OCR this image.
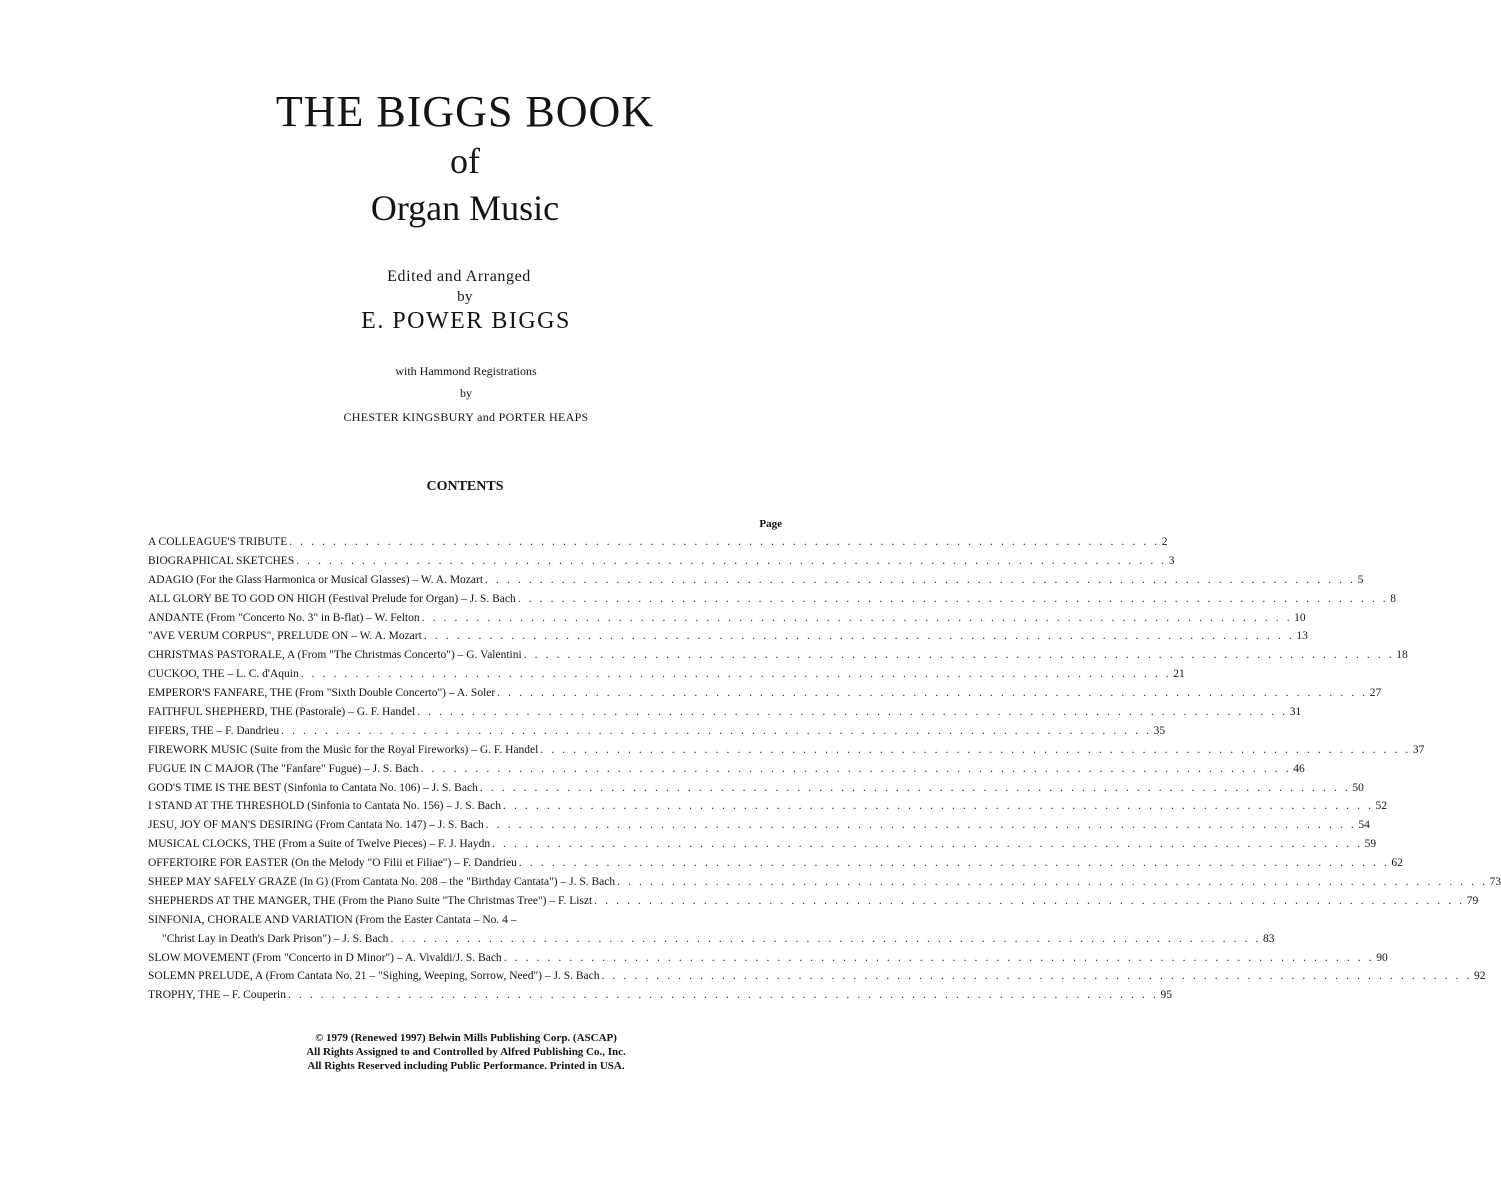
THE BIGGS BOOK
of
Organ Music
Edited and Arranged
by
E. POWER BIGGS
with Hammond Registrations
by
CHESTER KINGSBURY and PORTER HEAPS
CONTENTS
Page
A COLLEAGUE'S TRIBUTE . . . . . . . . . . . . . . . . . . . . . . . . . . . . . . . . . . . . . . . . . . . . . . . . . . . . . . . . . . . . . . . . . . . . . . . . . . . . . . . . 2
BIOGRAPHICAL SKETCHES . . . . . . . . . . . . . . . . . . . . . . . . . . . . . . . . . . . . . . . . . . . . . . . . . . . . . . . . . . . . . . . . . . . . . . . . . . . . . . . . 3
ADAGIO (For the Glass Harmonica or Musical Glasses) – W. A. Mozart . . . . . . . . . . . . . . . . . . . . . . . . . . . . . . . . . . . . . . . . . . . . . . . . . . . . . . . . . . . . . . . . . . . . . . . . . . . . . . . . 5
ALL GLORY BE TO GOD ON HIGH (Festival Prelude for Organ) – J. S. Bach . . . . . . . . . . . . . . . . . . . . . . . . . . . . . . . . . . . . . . . . . . . . . . . . . . . . . . . . . . . . . . . . . . . . . . . . . . . . . . . . 8
ANDANTE (From "Concerto No. 3" in B-flat) – W. Felton . . . . . . . . . . . . . . . . . . . . . . . . . . . . . . . . . . . . . . . . . . . . . . . . . . . . . . . . . . . . . . . . . . . . . . . . . . . . . . . . 10
"AVE VERUM CORPUS", PRELUDE ON – W. A. Mozart . . . . . . . . . . . . . . . . . . . . . . . . . . . . . . . . . . . . . . . . . . . . . . . . . . . . . . . . . . . . . . . . . . . . . . . . . . . . . . . . 13
CHRISTMAS PASTORALE, A (From "The Christmas Concerto") – G. Valentini . . . . . . . . . . . . . . . . . . . . . . . . . . . . . . . . . . . . . . . . . . . . . . . . . . . . . . . . . . . . . . . . . . . . . . . . . . . . . . . . 18
CUCKOO, THE – L. C. d'Aquin . . . . . . . . . . . . . . . . . . . . . . . . . . . . . . . . . . . . . . . . . . . . . . . . . . . . . . . . . . . . . . . . . . . . . . . . . . . . . . . . 21
EMPEROR'S FANFARE, THE (From "Sixth Double Concerto") – A. Soler . . . . . . . . . . . . . . . . . . . . . . . . . . . . . . . . . . . . . . . . . . . . . . . . . . . . . . . . . . . . . . . . . . . . . . . . . . . . . . . . 27
FAITHFUL SHEPHERD, THE (Pastorale) – G. F. Handel . . . . . . . . . . . . . . . . . . . . . . . . . . . . . . . . . . . . . . . . . . . . . . . . . . . . . . . . . . . . . . . . . . . . . . . . . . . . . . . . 31
FIFERS, THE – F. Dandrieu . . . . . . . . . . . . . . . . . . . . . . . . . . . . . . . . . . . . . . . . . . . . . . . . . . . . . . . . . . . . . . . . . . . . . . . . . . . . . . . . 35
FIREWORK MUSIC (Suite from the Music for the Royal Fireworks) – G. F. Handel . . . . . . . . . . . . . . . . . . . . . . . . . . . . . . . . . . . . . . . . . . . . . . . . . . . . . . . . . . . . . . . . . . . . . . . . . . . . . . . . 37
FUGUE IN C MAJOR (The "Fanfare" Fugue) – J. S. Bach . . . . . . . . . . . . . . . . . . . . . . . . . . . . . . . . . . . . . . . . . . . . . . . . . . . . . . . . . . . . . . . . . . . . . . . . . . . . . . . . 46
GOD'S TIME IS THE BEST (Sinfonia to Cantata No. 106) – J. S. Bach . . . . . . . . . . . . . . . . . . . . . . . . . . . . . . . . . . . . . . . . . . . . . . . . . . . . . . . . . . . . . . . . . . . . . . . . . . . . . . . . 50
I STAND AT THE THRESHOLD (Sinfonia to Cantata No. 156) – J. S. Bach . . . . . . . . . . . . . . . . . . . . . . . . . . . . . . . . . . . . . . . . . . . . . . . . . . . . . . . . . . . . . . . . . . . . . . . . . . . . . . . . 52
JESU, JOY OF MAN'S DESIRING (From Cantata No. 147) – J. S. Bach . . . . . . . . . . . . . . . . . . . . . . . . . . . . . . . . . . . . . . . . . . . . . . . . . . . . . . . . . . . . . . . . . . . . . . . . . . . . . . . . 54
MUSICAL CLOCKS, THE (From a Suite of Twelve Pieces) – F. J. Haydn . . . . . . . . . . . . . . . . . . . . . . . . . . . . . . . . . . . . . . . . . . . . . . . . . . . . . . . . . . . . . . . . . . . . . . . . . . . . . . . . 59
OFFERTOIRE FOR EASTER (On the Melody "O Filii et Filiae") – F. Dandrieu . . . . . . . . . . . . . . . . . . . . . . . . . . . . . . . . . . . . . . . . . . . . . . . . . . . . . . . . . . . . . . . . . . . . . . . . . . . . . . . . 62
SHEEP MAY SAFELY GRAZE (In G) (From Cantata No. 208 – the "Birthday Cantata") – J. S. Bach . . . . . . . . . . . . . . . . . . . . . . . . . . . . . . . . . . . . . . . . . . . . . . . . . . . . . . . . . . . . . . . . . . . . . . . . . . . . . . . . 73
SHEPHERDS AT THE MANGER, THE (From the Piano Suite "The Christmas Tree") – F. Liszt . . . . . . . . . . . . . . . . . . . . . . . . . . . . . . . . . . . . . . . . . . . . . . . . . . . . . . . . . . . . . . . . . . . . . . . . . . . . . . . . 79
SINFONIA, CHORALE AND VARIATION (From the Easter Cantata – No. 4 –
"Christ Lay in Death's Dark Prison") – J. S. Bach . . . . . . . . . . . . . . . . . . . . . . . . . . . . . . . . . . . . . . . . . . . . . . . . . . . . . . . . . . . . . . . . . . . . . . . . . . . . . . . . 83
SLOW MOVEMENT (From "Concerto in D Minor") – A. Vivaldi/J. S. Bach . . . . . . . . . . . . . . . . . . . . . . . . . . . . . . . . . . . . . . . . . . . . . . . . . . . . . . . . . . . . . . . . . . . . . . . . . . . . . . . . 90
SOLEMN PRELUDE, A (From Cantata No. 21 – "Sighing, Weeping, Sorrow, Need") – J. S. Bach . . . . . . . . . . . . . . . . . . . . . . . . . . . . . . . . . . . . . . . . . . . . . . . . . . . . . . . . . . . . . . . . . . . . . . . . . . . . . . . . 92
TROPHY, THE – F. Couperin . . . . . . . . . . . . . . . . . . . . . . . . . . . . . . . . . . . . . . . . . . . . . . . . . . . . . . . . . . . . . . . . . . . . . . . . . . . . . . . . 95
© 1979 (Renewed 1997) Belwin Mills Publishing Corp. (ASCAP)
All Rights Assigned to and Controlled by Alfred Publishing Co., Inc.
All Rights Reserved including Public Performance. Printed in USA.
